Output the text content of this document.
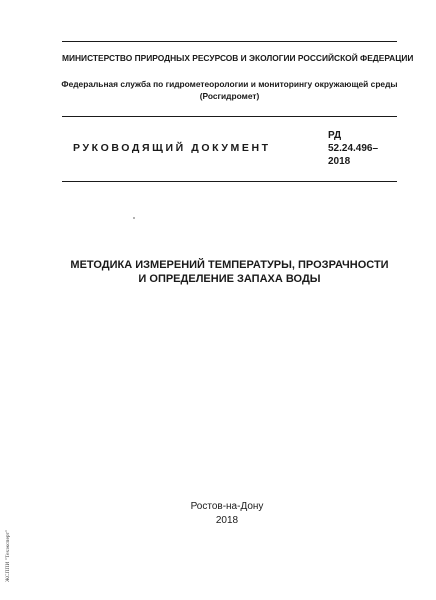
МИНИСТЕРСТВО ПРИРОДНЫХ РЕСУРСОВ И ЭКОЛОГИИ РОССИЙСКОЙ ФЕДЕРАЦИИ
Федеральная служба по гидрометеорологии и мониторингу окружающей среды
(Росгидромет)
РУКОВОДЯЩИЙ ДОКУМЕНТ
РД
52.24.496–
2018
МЕТОДИКА ИЗМЕРЕНИЙ ТЕМПЕРАТУРЫ, ПРОЗРАЧНОСТИ
И ОПРЕДЕЛЕНИЕ ЗАПАХА ВОДЫ
Ростов-на-Дону
2018
ЖСППИ "Техэксперт"
